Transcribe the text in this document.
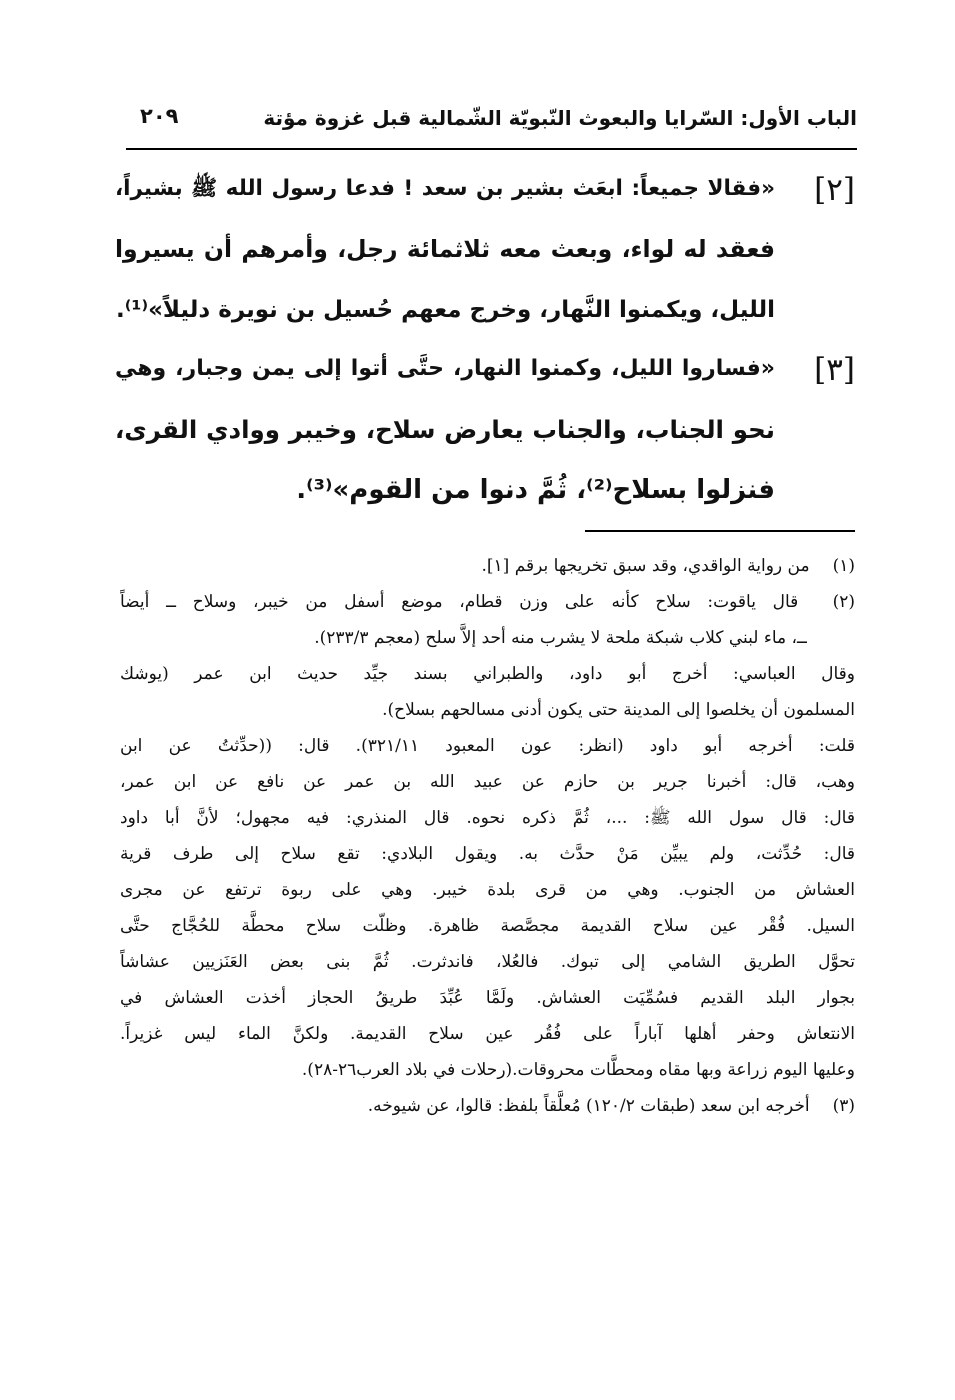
الباب الأول: السّرايا والبعوث النّبويّة الشّمالية قبل غزوة مؤتة
٢٠٩
[٢]
«فقالا جميعاً: ابعَث بشير بن سعد ! فدعا رسول الله ﷺ بشيراً،
فعقد له لواء، وبعث معه ثلاثمائة رجل، وأمرهم أن يسيروا
الليل، ويكمنوا النَّهار، وخرج معهم حُسيل بن نويرة دليلاً»⁽¹⁾.
[٣]
«فساروا الليل، وكمنوا النهار، حتَّى أتوا إلى يمن وجبار، وهي
نحو الجناب، والجناب يعارض سلاح، وخيبر ووادي القرى،
فنزلوا بسلاح⁽²⁾، ثُمَّ دنوا من القوم»⁽³⁾.
(١) من رواية الواقدي، وقد سبق تخريجها برقم [١].
(٢) قال ياقوت: سلاح كأنه على وزن قطام، موضع أسفل من خيبر، وسلاح ــ أيضاً
ــ، ماء لبني كلاب شبكة ملحة لا يشرب منه أحد إلاَّ سلح (معجم ٢٣٣/٣).
وقال العباسي: أخرج أبو داود، والطبراني بسند جيِّد حديث ابن عمر (يوشك
المسلمون أن يخلصوا إلى المدينة حتى يكون أدنى مسالحهم بسلاح).
قلت: أخرجه أبو داود (انظر: عون المعبود ٣٢١/١١). قال: ((حدِّثتُ عن ابن
وهب، قال: أخبرنا جرير بن حازم عن عبيد الله بن عمر عن نافع عن ابن عمر،
قال: قال سول الله ﷺ: ...، ثُمَّ ذكره نحوه. قال المنذري: فيه مجهول؛ لأنَّ أبا داود
قال: حُدِّثت، ولم يبيِّن مَنْ حدَّث به. ويقول البلادي: تقع سلاح إلى طرف قرية
العشاش من الجنوب. وهي من قرى بلدة خيبر. وهي على ربوة ترتفع عن مجرى
السيل. فُقْر عين سلاح القديمة مجصَّصة ظاهرة. وظلّت سلاح محطَّة للحُجَّاج حتَّى
تحوَّل الطريق الشامي إلى تبوك. فالعُلا، فاندثرت. ثُمَّ بنى بعض العَنَزيين عشاشاً
بجوار البلد القديم فسُمِّيَت العشاش. ولَمَّا عُبِّدَ طريقُ الحجاز أخذت العشاش في
الانتعاش وحفر أهلها آباراً على فُقُر عين سلاح القديمة. ولكنَّ الماء ليس غزيراً.
وعليها اليوم زراعة وبها مقاه ومحطَّات محروقات.(رحلات في بلاد العرب٢٦-٢٨).
(٣) أخرجه ابن سعد (طبقات ١٢٠/٢) مُعلَّقاً بلفظ: قالوا، عن شيوخه.
